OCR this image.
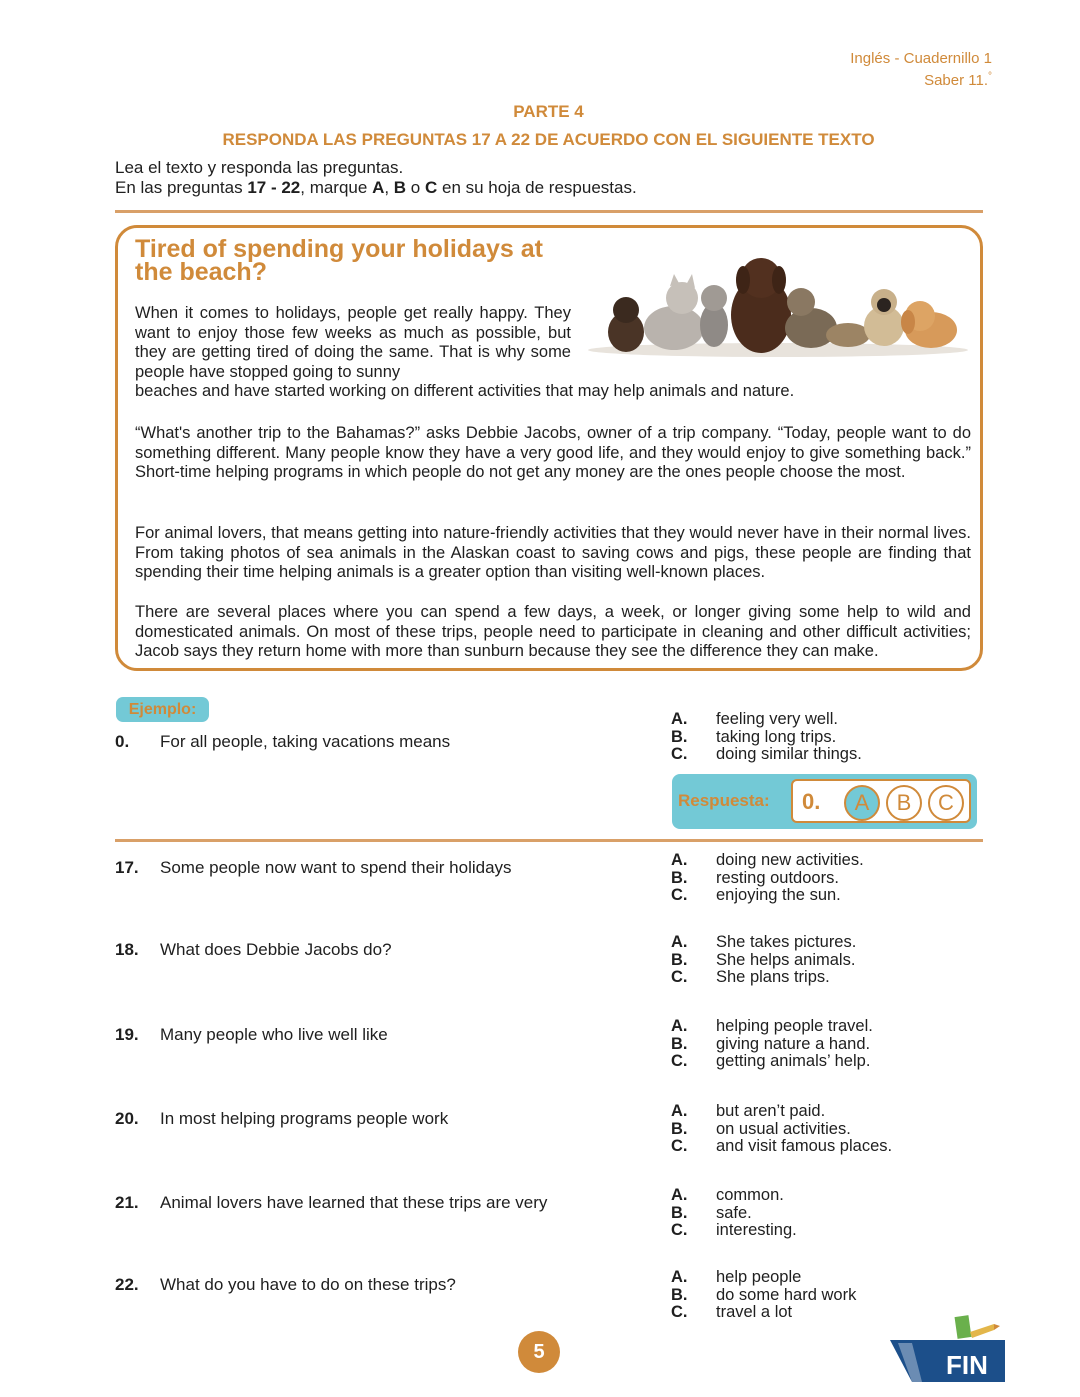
Inglés - Cuadernillo 1
Saber 11.°
PARTE 4
RESPONDA LAS PREGUNTAS 17 A 22 DE ACUERDO CON EL SIGUIENTE TEXTO
Lea el texto y responda las preguntas.
En las preguntas 17 - 22, marque A, B o C en su hoja de respuestas.
Tired of spending your holidays at the beach?
When it comes to holidays, people get really happy. They want to enjoy those few weeks as much as possible, but they are getting tired of doing the same. That is why some people have stopped going to sunny
beaches and have started working on different activities that may help animals and nature.
“What's another trip to the Bahamas?” asks Debbie Jacobs, owner of a trip company. “Today, people want to do something different. Many people know they have a very good life, and they would enjoy to give something back.” Short-time helping programs in which people do not get any money are the ones people choose the most.
For animal lovers, that means getting into nature-friendly activities that they would never have in their normal lives. From taking photos of sea animals in the Alaskan coast to saving cows and pigs, these people are finding that spending their time helping animals is a greater option than visiting well-known places.
There are several places where you can spend a few days, a week, or longer giving some help to wild and domesticated animals. On most of these trips, people need to participate in cleaning and other difficult activities; Jacob says they return home with more than sunburn because they see the difference they can make.
Ejemplo:
0. For all people, taking vacations means
A.	feeling very well.
B.	taking long trips.
C.	doing similar things.
Respuesta: 0.	A	B	C
17. Some people now want to spend their holidays	A.	doing new activities.
B.	resting outdoors.
C.	enjoying the sun.
18. What does Debbie Jacobs do?	A.	She takes pictures.
B.	She helps animals.
C.	She plans trips.
19. Many people who live well like	A.	helping people travel.
B.	giving nature a hand.
C.	getting animals’ help.
20. In most helping programs people work	A.	but aren’t paid.
B.	on usual activities.
C.	and visit famous places.
21. Animal lovers have learned that these trips are very	A.	common.
B.	safe.
C.	interesting.
22. What do you have to do on these trips?	A.	help people
B.	do some hard work
C.	travel a lot
5	FIN
